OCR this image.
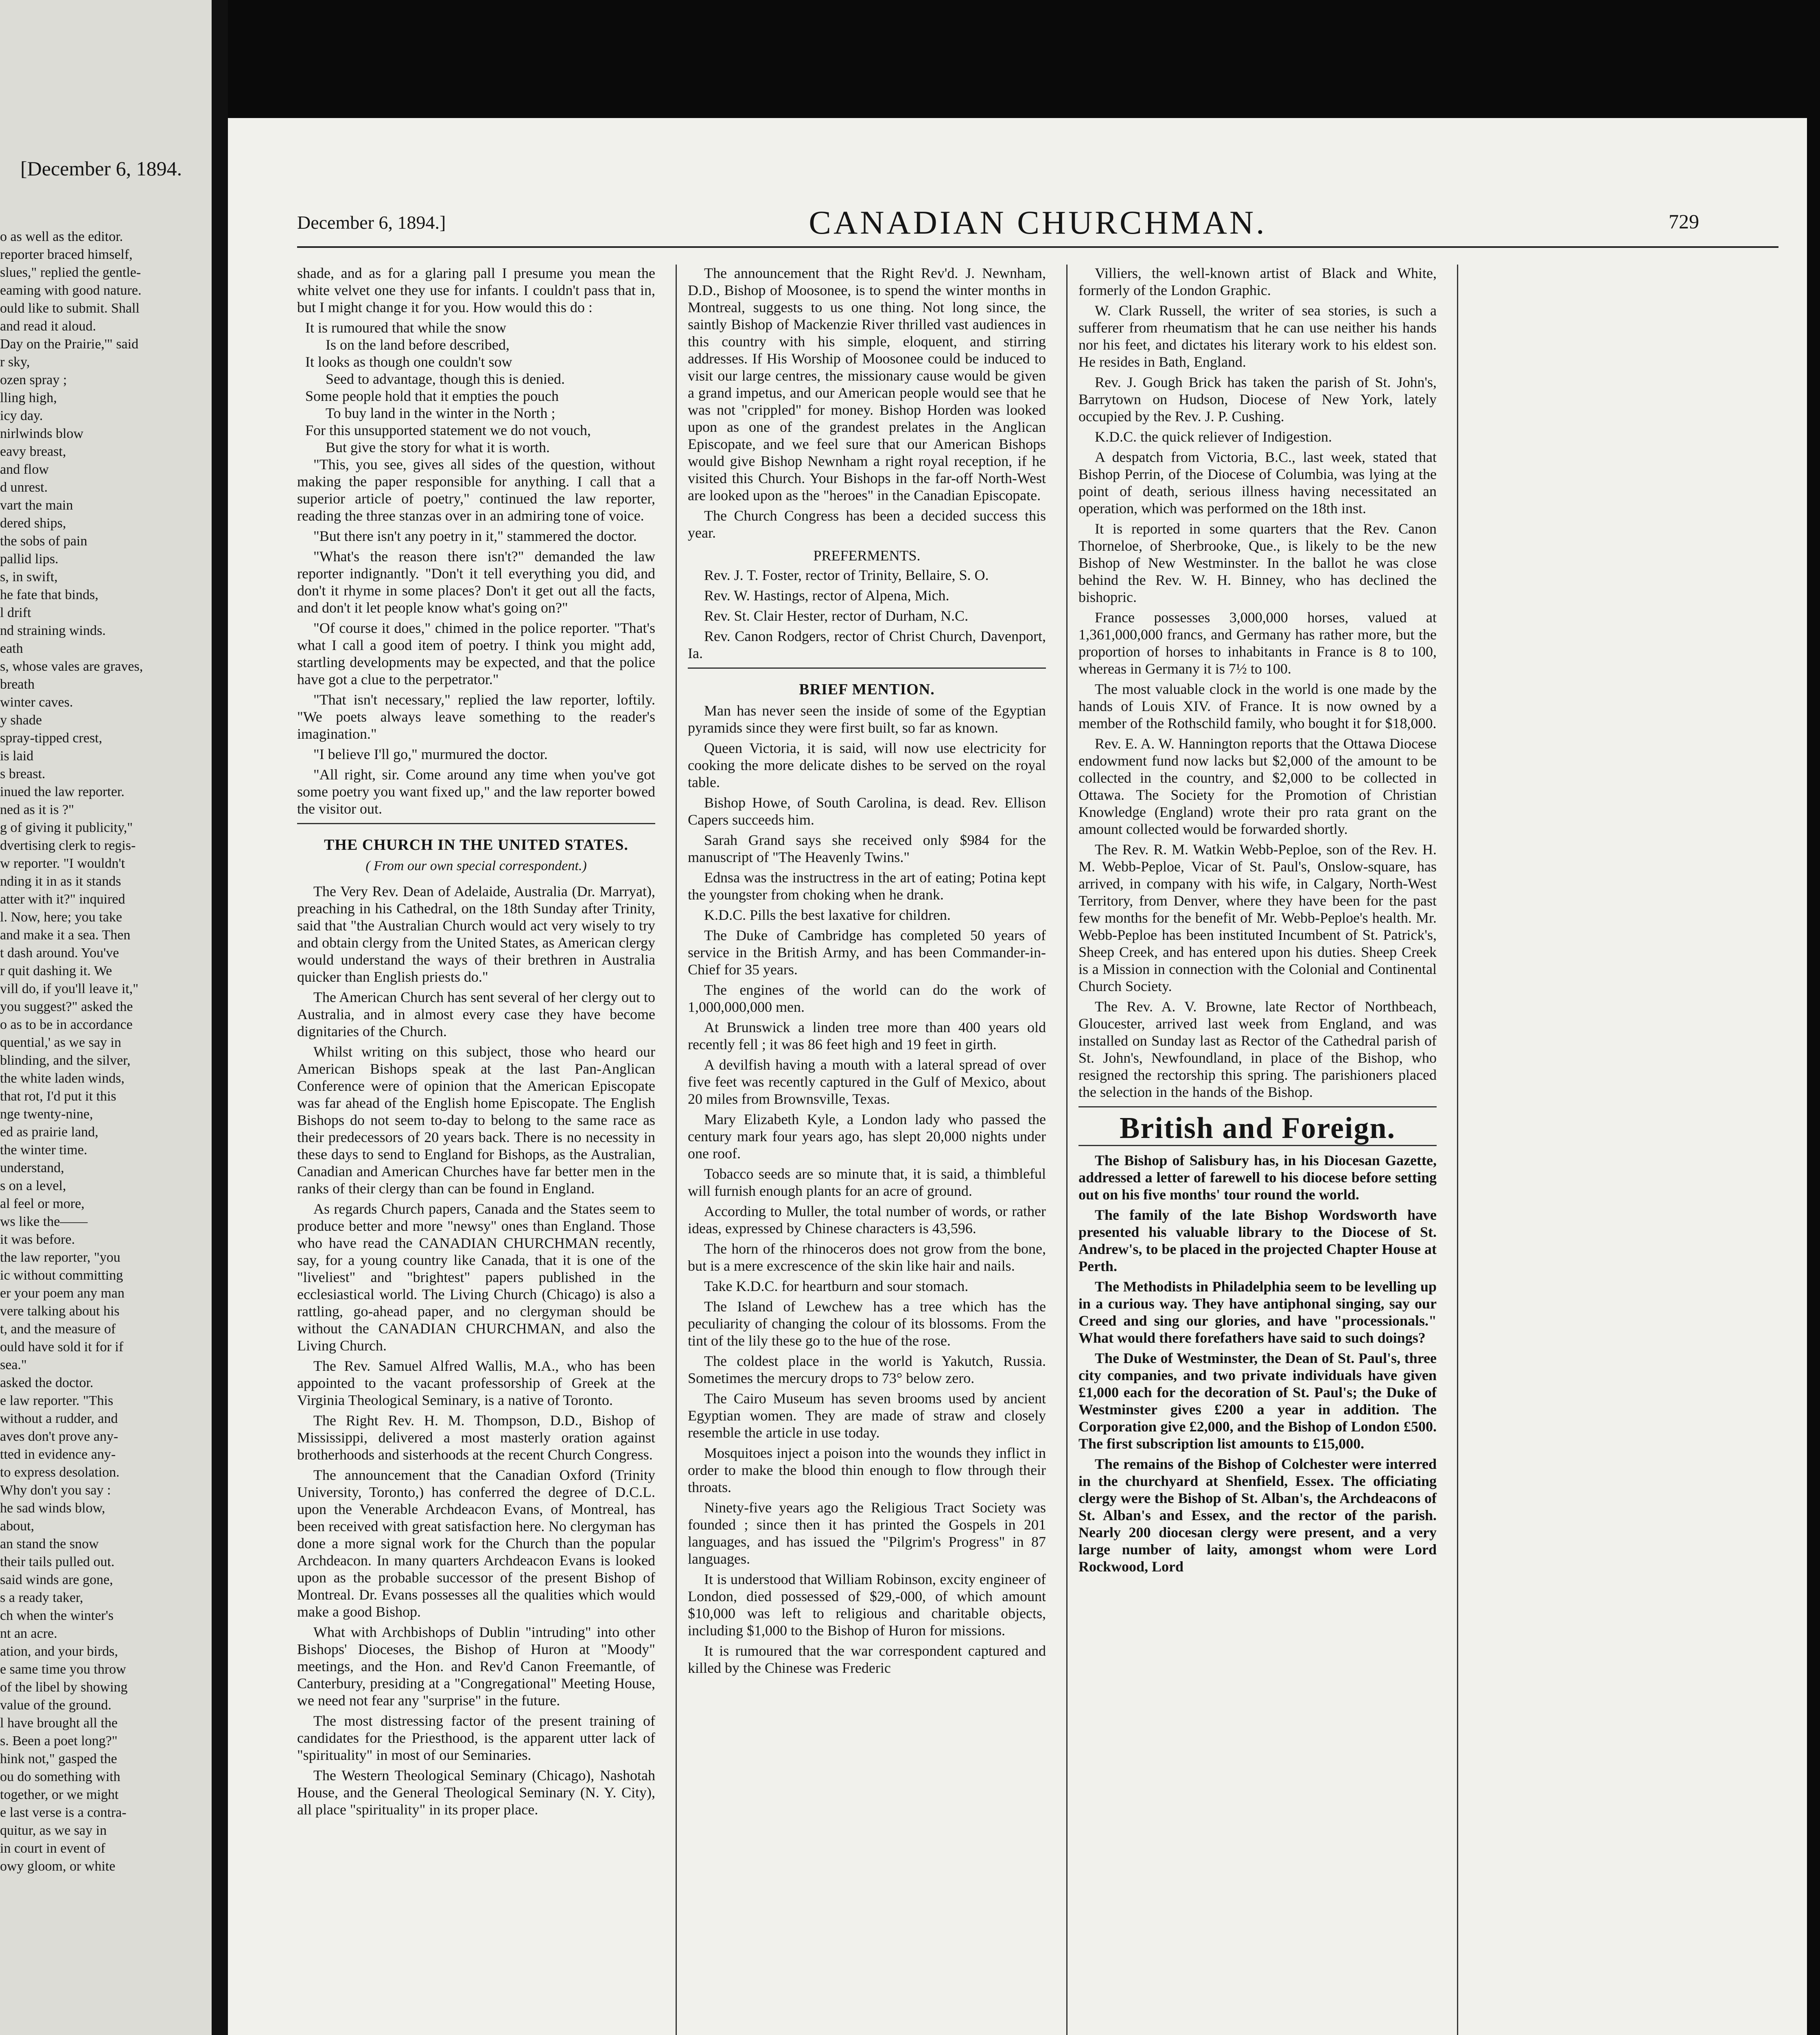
[December 6, 1894.

o as well as the editor.

reporter braced himself,

slues," replied the gentle-

eaming with good nature.

ould like to submit. Shall

and read it aloud.

Day on the Prairie,'" said

r sky,

ozen spray ;

lling high,

icy day.

nirlwinds blow

eavy breast,

and flow

d unrest.

vart the main

dered ships,

the sobs of pain

pallid lips.

s, in swift,

he fate that binds,

l drift

nd straining winds.

eath

s, whose vales are graves,

breath

winter caves.

y shade

spray-tipped crest,

is laid

s breast.

inued the law reporter.

ned as it is ?"

g of giving it publicity,"

dvertising clerk to regis-

w reporter. "I wouldn't

nding it in as it stands

atter with it?" inquired

l. Now, here; you take

and make it a sea. Then

t dash around. You've

r quit dashing it. We

vill do, if you'll leave it,"

you suggest?" asked the

o as to be in accordance

quential,' as we say in

blinding, and the silver,

the white laden winds,

that rot, I'd put it this

nge twenty-nine,

ed as prairie land,

the winter time.

understand,

s on a level,

al feel or more,

ws like the——

it was before.

the law reporter, "you

ic without committing

er your poem any man

vere talking about his

t, and the measure of

ould have sold it for if

sea."

asked the doctor.

e law reporter. "This

without a rudder, and

aves don't prove any-

tted in evidence any-

to express desolation.

Why don't you say :

he sad winds blow,

about,

an stand the snow

their tails pulled out.

said winds are gone,

s a ready taker,

ch when the winter's

nt an acre.

ation, and your birds,

e same time you throw

of the libel by showing

value of the ground.

l have brought all the

s. Been a poet long?"

hink not," gasped the

ou do something with

together, or we might

e last verse is a contra-

quitur, as we say in

in court in event of

owy gloom, or white

December 6, 1894.]	CANADIAN CHURCHMAN.	729

shade, and as for a glaring pall I presume you mean the white velvet one they use for infants. I couldn't pass that in, but I might change it for you. How would this do :

It is rumoured that while the snow

Is on the land before described,

It looks as though one couldn't sow

Seed to advantage, though this is denied.

Some people hold that it empties the pouch

To buy land in the winter in the North ;

For this unsupported statement we do not vouch,

But give the story for what it is worth.

"This, you see, gives all sides of the question, without making the paper responsible for anything. I call that a superior article of poetry," continued the law reporter, reading the three stanzas over in an admiring tone of voice.

"But there isn't any poetry in it," stammered the doctor.

"What's the reason there isn't?" demanded the law reporter indignantly. "Don't it tell everything you did, and don't it rhyme in some places? Don't it get out all the facts, and don't it let people know what's going on?"

"Of course it does," chimed in the police reporter. "That's what I call a good item of poetry. I think you might add, startling developments may be expected, and that the police have got a clue to the perpetrator."

"That isn't necessary," replied the law reporter, loftily. "We poets always leave something to the reader's imagination."

"I believe I'll go," murmured the doctor.

"All right, sir. Come around any time when you've got some poetry you want fixed up," and the law reporter bowed the visitor out.

THE CHURCH IN THE UNITED STATES.
( From our own special correspondent.)

The Very Rev. Dean of Adelaide, Australia (Dr. Marryat), preaching in his Cathedral, on the 18th Sunday after Trinity, said that "the Australian Church would act very wisely to try and obtain clergy from the United States, as American clergy would understand the ways of their brethren in Australia quicker than English priests do."

The American Church has sent several of her clergy out to Australia, and in almost every case they have become dignitaries of the Church.

Whilst writing on this subject, those who heard our American Bishops speak at the last Pan-Anglican Conference were of opinion that the American Episcopate was far ahead of the English home Episcopate. The English Bishops do not seem to-day to belong to the same race as their predecessors of 20 years back. There is no necessity in these days to send to England for Bishops, as the Australian, Canadian and American Churches have far better men in the ranks of their clergy than can be found in England.

As regards Church papers, Canada and the States seem to produce better and more "newsy" ones than England. Those who have read the CANADIAN CHURCHMAN recently, say, for a young country like Canada, that it is one of the "liveliest" and "brightest" papers published in the ecclesiastical world. The Living Church (Chicago) is also a rattling, go-ahead paper, and no clergyman should be without the CANADIAN CHURCHMAN, and also the Living Church.

The Rev. Samuel Alfred Wallis, M.A., who has been appointed to the vacant professorship of Greek at the Virginia Theological Seminary, is a native of Toronto.

The Right Rev. H. M. Thompson, D.D., Bishop of Mississippi, delivered a most masterly oration against brotherhoods and sisterhoods at the recent Church Congress.

The announcement that the Canadian Oxford (Trinity University, Toronto,) has conferred the degree of D.C.L. upon the Venerable Archdeacon Evans, of Montreal, has been received with great satisfaction here. No clergyman has done a more signal work for the Church than the popular Archdeacon. In many quarters Archdeacon Evans is looked upon as the probable successor of the present Bishop of Montreal. Dr. Evans possesses all the qualities which would make a good Bishop.

What with Archbishops of Dublin "intruding" into other Bishops' Dioceses, the Bishop of Huron at "Moody" meetings, and the Hon. and Rev'd Canon Freemantle, of Canterbury, presiding at a "Congregational" Meeting House, we need not fear any "surprise" in the future.

The most distressing factor of the present training of candidates for the Priesthood, is the apparent utter lack of "spirituality" in most of our Seminaries.

The Western Theological Seminary (Chicago), Nashotah House, and the General Theological Seminary (N. Y. City), all place "spirituality" in its proper place.

The announcement that the Right Rev'd. J. Newnham, D.D., Bishop of Moosonee, is to spend the winter months in Montreal, suggests to us one thing. Not long since, the saintly Bishop of Mackenzie River thrilled vast audiences in this country with his simple, eloquent, and stirring addresses. If His Worship of Moosonee could be induced to visit our large centres, the missionary cause would be given a grand impetus, and our American people would see that he was not "crippled" for money. Bishop Horden was looked upon as one of the grandest prelates in the Anglican Episcopate, and we feel sure that our American Bishops would give Bishop Newnham a right royal reception, if he visited this Church. Your Bishops in the far-off North-West are looked upon as the "heroes" in the Canadian Episcopate.

The Church Congress has been a decided success this year.

PREFERMENTS.

Rev. J. T. Foster, rector of Trinity, Bellaire, S. O.

Rev. W. Hastings, rector of Alpena, Mich.

Rev. St. Clair Hester, rector of Durham, N.C.

Rev. Canon Rodgers, rector of Christ Church, Davenport, Ia.

BRIEF MENTION.

Man has never seen the inside of some of the Egyptian pyramids since they were first built, so far as known.

Queen Victoria, it is said, will now use electricity for cooking the more delicate dishes to be served on the royal table.

Bishop Howe, of South Carolina, is dead. Rev. Ellison Capers succeeds him.

Sarah Grand says she received only $984 for the manuscript of "The Heavenly Twins."

Ednsa was the instructress in the art of eating; Potina kept the youngster from choking when he drank.

K.D.C. Pills the best laxative for children.

The Duke of Cambridge has completed 50 years of service in the British Army, and has been Commander-in-Chief for 35 years.

The engines of the world can do the work of 1,000,000,000 men.

At Brunswick a linden tree more than 400 years old recently fell ; it was 86 feet high and 19 feet in girth.

A devilfish having a mouth with a lateral spread of over five feet was recently captured in the Gulf of Mexico, about 20 miles from Brownsville, Texas.

Mary Elizabeth Kyle, a London lady who passed the century mark four years ago, has slept 20,000 nights under one roof.

Tobacco seeds are so minute that, it is said, a thimbleful will furnish enough plants for an acre of ground.

According to Muller, the total number of words, or rather ideas, expressed by Chinese characters is 43,596.

The horn of the rhinoceros does not grow from the bone, but is a mere excrescence of the skin like hair and nails.

Take K.D.C. for heartburn and sour stomach.

The Island of Lewchew has a tree which has the peculiarity of changing the colour of its blossoms. From the tint of the lily these go to the hue of the rose.

The coldest place in the world is Yakutch, Russia. Sometimes the mercury drops to 73° below zero.

The Cairo Museum has seven brooms used by ancient Egyptian women. They are made of straw and closely resemble the article in use today.

Mosquitoes inject a poison into the wounds they inflict in order to make the blood thin enough to flow through their throats.

Ninety-five years ago the Religious Tract Society was founded ; since then it has printed the Gospels in 201 languages, and has issued the "Pilgrim's Progress" in 87 languages.

It is understood that William Robinson, excity engineer of London, died possessed of $29,-000, of which amount $10,000 was left to religious and charitable objects, including $1,000 to the Bishop of Huron for missions.

It is rumoured that the war correspondent captured and killed by the Chinese was Frederic

Villiers, the well-known artist of Black and White, formerly of the London Graphic.

W. Clark Russell, the writer of sea stories, is such a sufferer from rheumatism that he can use neither his hands nor his feet, and dictates his literary work to his eldest son. He resides in Bath, England.

Rev. J. Gough Brick has taken the parish of St. John's, Barrytown on Hudson, Diocese of New York, lately occupied by the Rev. J. P. Cushing.

K.D.C. the quick reliever of Indigestion.

A despatch from Victoria, B.C., last week, stated that Bishop Perrin, of the Diocese of Columbia, was lying at the point of death, serious illness having necessitated an operation, which was performed on the 18th inst.

It is reported in some quarters that the Rev. Canon Thorneloe, of Sherbrooke, Que., is likely to be the new Bishop of New Westminster. In the ballot he was close behind the Rev. W. H. Binney, who has declined the bishopric.

France possesses 3,000,000 horses, valued at 1,361,000,000 francs, and Germany has rather more, but the proportion of horses to inhabitants in France is 8 to 100, whereas in Germany it is 7½ to 100.

The most valuable clock in the world is one made by the hands of Louis XIV. of France. It is now owned by a member of the Rothschild family, who bought it for $18,000.

Rev. E. A. W. Hannington reports that the Ottawa Diocese endowment fund now lacks but $2,000 of the amount to be collected in the country, and $2,000 to be collected in Ottawa. The Society for the Promotion of Christian Knowledge (England) wrote their pro rata grant on the amount collected would be forwarded shortly.

The Rev. R. M. Watkin Webb-Peploe, son of the Rev. H. M. Webb-Peploe, Vicar of St. Paul's, Onslow-square, has arrived, in company with his wife, in Calgary, North-West Territory, from Denver, where they have been for the past few months for the benefit of Mr. Webb-Peploe's health. Mr. Webb-Peploe has been instituted Incumbent of St. Patrick's, Sheep Creek, and has entered upon his duties. Sheep Creek is a Mission in connection with the Colonial and Continental Church Society.

The Rev. A. V. Browne, late Rector of Northbeach, Gloucester, arrived last week from England, and was installed on Sunday last as Rector of the Cathedral parish of St. John's, Newfoundland, in place of the Bishop, who resigned the rectorship this spring. The parishioners placed the selection in the hands of the Bishop.

British and Foreign.

The Bishop of Salisbury has, in his Diocesan Gazette, addressed a letter of farewell to his diocese before setting out on his five months' tour round the world.

The family of the late Bishop Wordsworth have presented his valuable library to the Diocese of St. Andrew's, to be placed in the projected Chapter House at Perth.

The Methodists in Philadelphia seem to be levelling up in a curious way. They have antiphonal singing, say our Creed and sing our glories, and have "processionals." What would there forefathers have said to such doings?

The Duke of Westminster, the Dean of St. Paul's, three city companies, and two private individuals have given £1,000 each for the decoration of St. Paul's; the Duke of Westminster gives £200 a year in addition. The Corporation give £2,000, and the Bishop of London £500. The first subscription list amounts to £15,000.

The remains of the Bishop of Colchester were interred in the churchyard at Shenfield, Essex. The officiating clergy were the Bishop of St. Alban's, the Archdeacons of St. Alban's and Essex, and the rector of the parish. Nearly 200 diocesan clergy were present, and a very large number of laity, amongst whom were Lord Rockwood, Lord
